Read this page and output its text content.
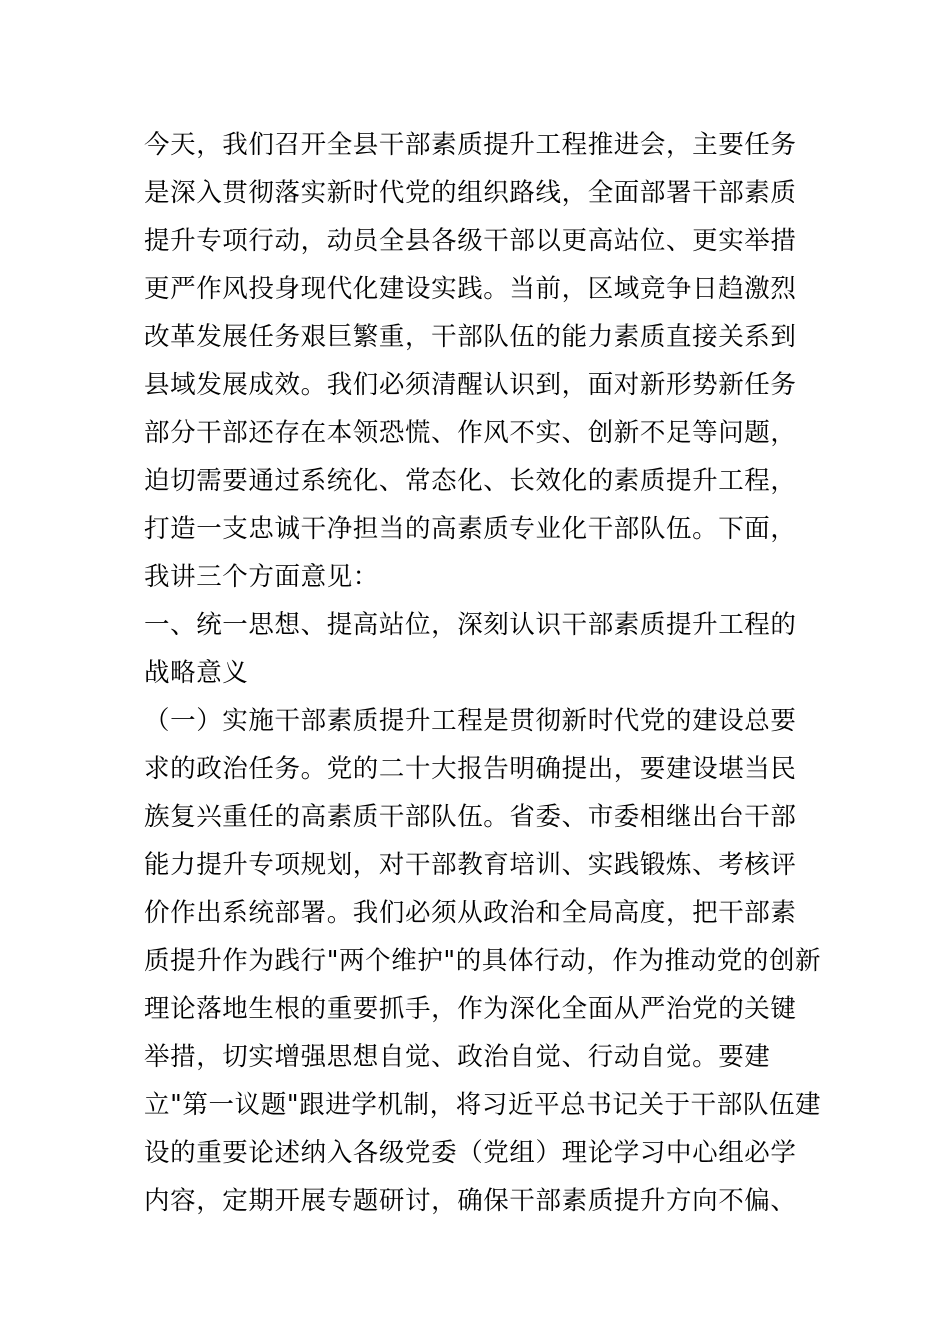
今天，我们召开全县干部素质提升工程推进会，主要任务
是深入贯彻落实新时代党的组织路线，全面部署干部素质
提升专项行动，动员全县各级干部以更高站位、更实举措
更严作风投身现代化建设实践。当前，区域竞争日趋激烈
改革发展任务艰巨繁重，干部队伍的能力素质直接关系到
县域发展成效。我们必须清醒认识到，面对新形势新任务
部分干部还存在本领恐慌、作风不实、创新不足等问题，
迫切需要通过系统化、常态化、长效化的素质提升工程，
打造一支忠诚干净担当的高素质专业化干部队伍。下面，
我讲三个方面意见：
一、统一思想、提高站位，深刻认识干部素质提升工程的
战略意义
（一）实施干部素质提升工程是贯彻新时代党的建设总要
求的政治任务。党的二十大报告明确提出，要建设堪当民
族复兴重任的高素质干部队伍。省委、市委相继出台干部
能力提升专项规划，对干部教育培训、实践锻炼、考核评
价作出系统部署。我们必须从政治和全局高度，把干部素
质提升作为践行"两个维护"的具体行动，作为推动党的创新
理论落地生根的重要抓手，作为深化全面从严治党的关键
举措，切实增强思想自觉、政治自觉、行动自觉。要建
立"第一议题"跟进学机制，将习近平总书记关于干部队伍建
设的重要论述纳入各级党委（党组）理论学习中心组必学
内容，定期开展专题研讨，确保干部素质提升方向不偏、
